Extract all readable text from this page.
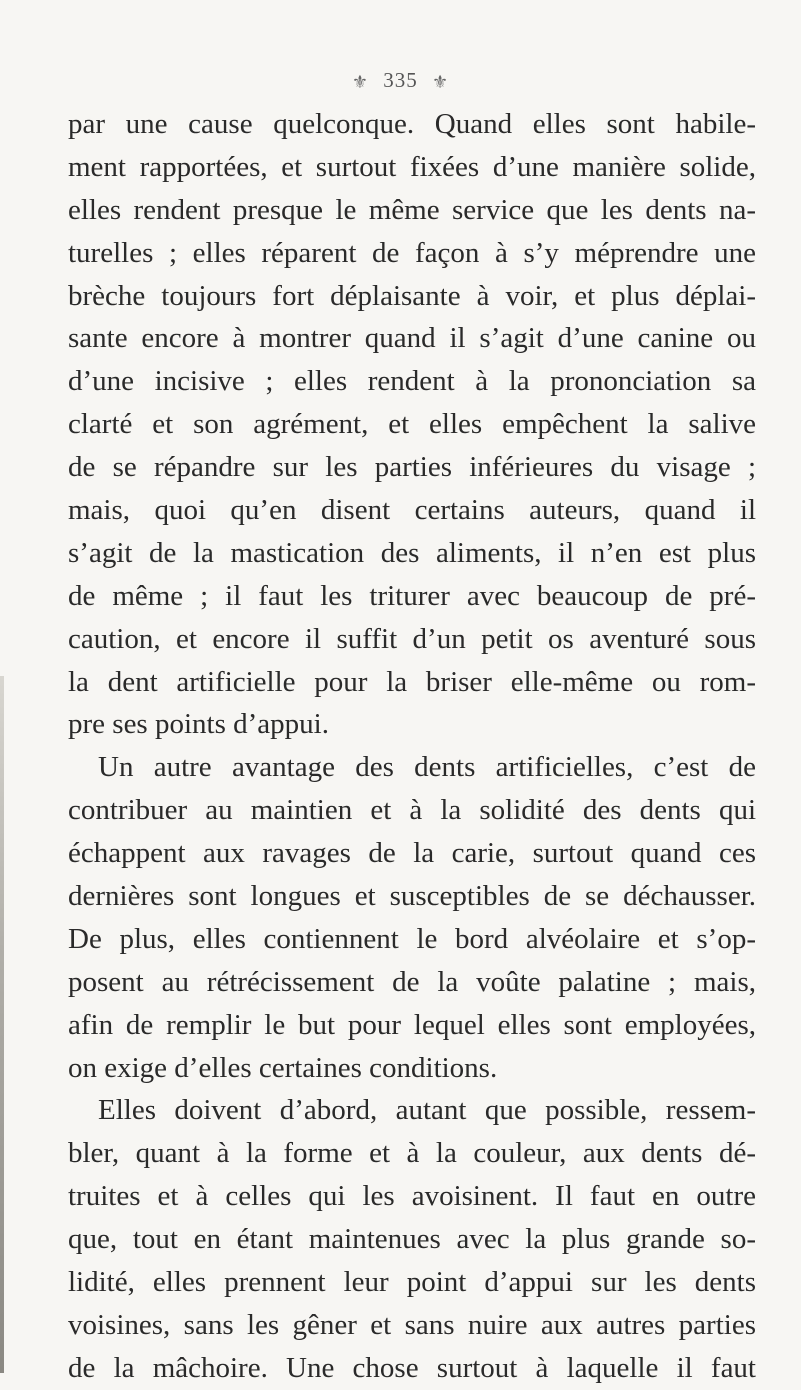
⚜ 335 ⚜
par une cause quelconque. Quand elles sont habile-
ment rapportées, et surtout fixées d’une manière solide,
elles rendent presque le même service que les dents na-
turelles ; elles réparent de façon à s’y méprendre une
brèche toujours fort déplaisante à voir, et plus déplai-
sante encore à montrer quand il s’agit d’une canine ou
d’une incisive ; elles rendent à la prononciation sa
clarté et son agrément, et elles empêchent la salive
de se répandre sur les parties inférieures du visage ;
mais, quoi qu’en disent certains auteurs, quand il
s’agit de la mastication des aliments, il n’en est plus
de même ; il faut les triturer avec beaucoup de pré-
caution, et encore il suffit d’un petit os aventuré sous
la dent artificielle pour la briser elle-même ou rom-
pre ses points d’appui.
Un autre avantage des dents artificielles, c’est de
contribuer au maintien et à la solidité des dents qui
échappent aux ravages de la carie, surtout quand ces
dernières sont longues et susceptibles de se déchausser.
De plus, elles contiennent le bord alvéolaire et s’op-
posent au rétrécissement de la voûte palatine ; mais,
afin de remplir le but pour lequel elles sont employées,
on exige d’elles certaines conditions.
Elles doivent d’abord, autant que possible, ressem-
bler, quant à la forme et à la couleur, aux dents dé-
truites et à celles qui les avoisinent. Il faut en outre
que, tout en étant maintenues avec la plus grande so-
lidité, elles prennent leur point d’appui sur les dents
voisines, sans les gêner et sans nuire aux autres parties
de la mâchoire. Une chose surtout à laquelle il faut
